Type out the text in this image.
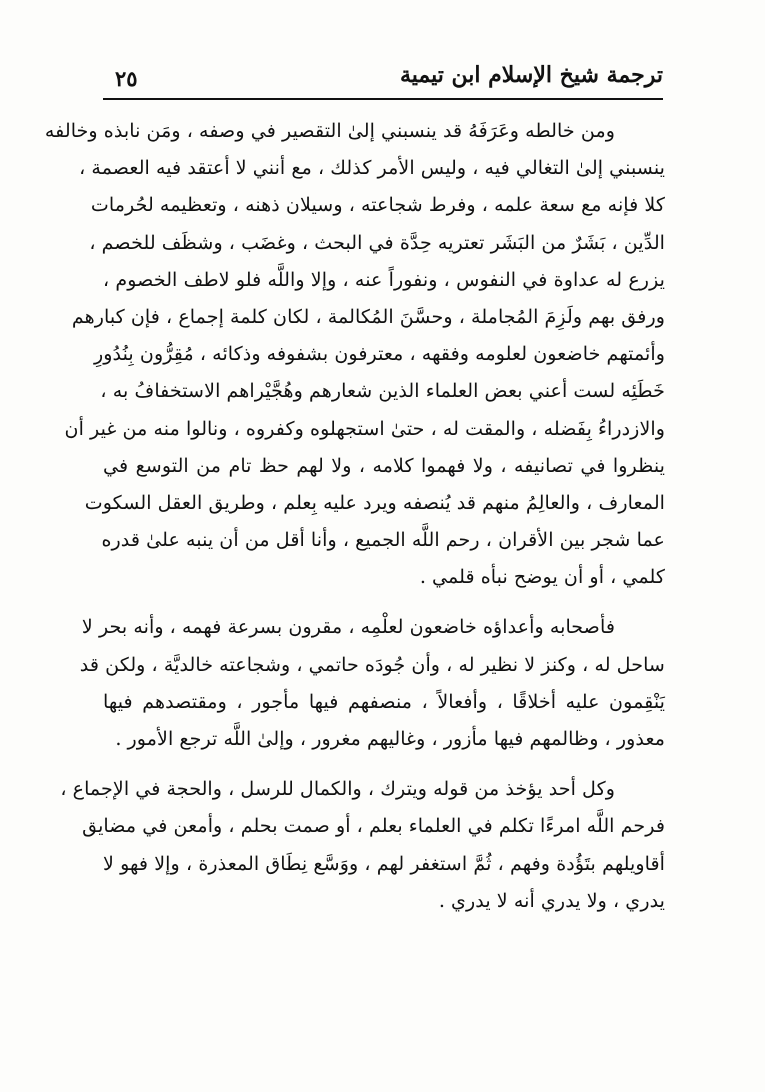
٢٥	ترجمة شيخ الإسلام ابن تيمية
ومن خالطه وعَرَفَهُ قد ينسبني إلىٰ التقصير في وصفه ، ومَن نابذه وخالفه
ينسبني إلىٰ التغالي فيه ، وليس الأمر كذلك ، مع أنني لا أعتقد فيه العصمة ،
كلا فإنه مع سعة علمه ، وفرط شجاعته ، وسيلان ذهنه ، وتعظيمه لحُرمات
الدِّين ، بَشَرٌ من البَشَر تعتريه حِدَّة في البحث ، وغضَب ، وشظَف للخصم ،
يزرع له عداوة في النفوس ، ونفوراً عنه ، وإلا واللَّه فلو لاطف الخصوم ،
ورفق بهم ولَزِمَ المُجاملة ، وحسَّنَ المُكالمة ، لكان كلمة إجماع ، فإن كبارهم
وأئمتهم خاضعون لعلومه وفقهه ، معترفون بشفوفه وذكائه ، مُقِرُّون بِنُدُورِ
خَطَئِه لست أعني بعض العلماء الذين شعارهم وهُجَّيْراهم الاستخفافُ به ،
والازدراءُ بِفَضله ، والمقت له ، حتىٰ استجهلوه وكفروه ، ونالوا منه من غير أن
ينظروا في تصانيفه ، ولا فهموا كلامه ، ولا لهم حظ تام من التوسع في
المعارف ، والعالِمُ منهم قد يُنصفه ويرد عليه بِعلم ، وطريق العقل السكوت
عما شجر بين الأقران ، رحم اللَّه الجميع ، وأنا أقل من أن ينبه علىٰ قدره
كلمي ، أو أن يوضح نبأه قلمي .
فأصحابه وأعداؤه خاضعون لعلْمِه ، مقرون بسرعة فهمه ، وأنه بحر لا
ساحل له ، وكنز لا نظير له ، وأن جُودَه حاتمي ، وشجاعته خالديَّة ، ولكن قد
يَنْقِمون عليه أخلاقًا ، وأفعالاً ، منصفهم فيها مأجور ، ومقتصدهم فيها
معذور ، وظالمهم فيها مأزور ، وغاليهم مغرور ، وإلىٰ اللَّه ترجع الأمور .
وكل أحد يؤخذ من قوله ويترك ، والكمال للرسل ، والحجة في الإجماع ،
فرحم اللَّه امرءًا تكلم في العلماء بعلم ، أو صمت بحلم ، وأمعن في مضايق
أقاويلهم بتَؤُدة وفهم ، ثُمَّ استغفر لهم ، ووَسَّع نِطَاق المعذرة ، وإلا فهو لا
يدري ، ولا يدري أنه لا يدري .
